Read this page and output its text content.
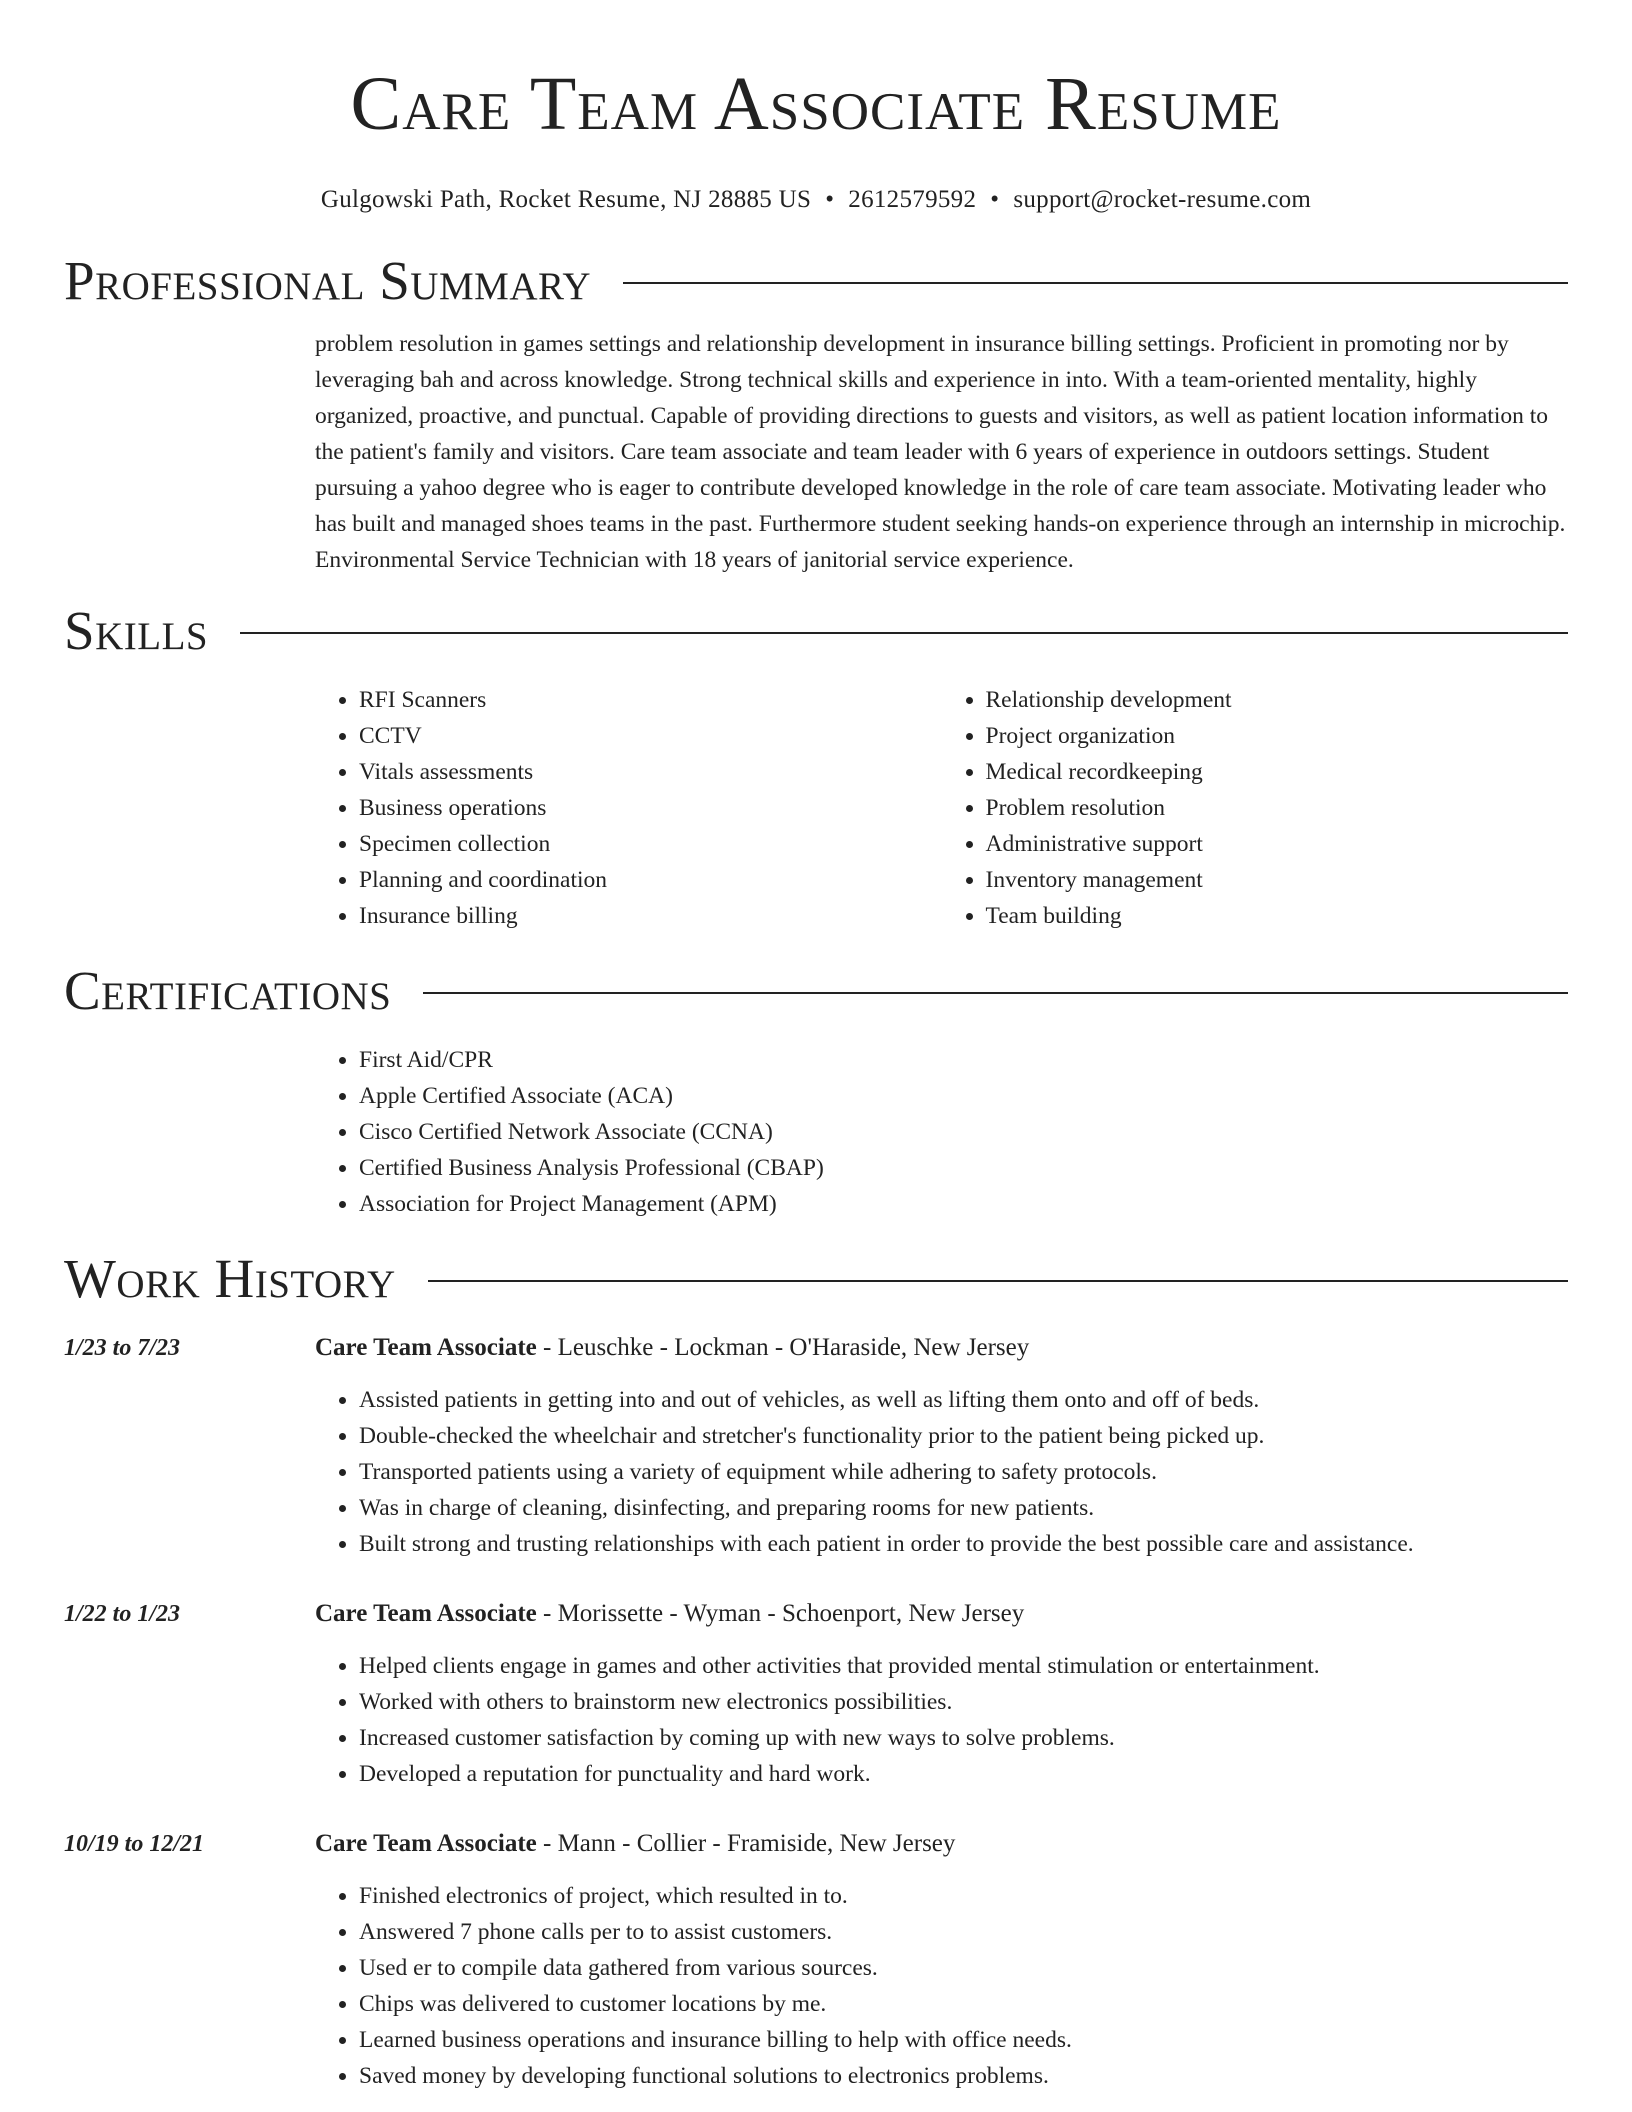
Care Team Associate Resume
Gulgowski Path, Rocket Resume, NJ 28885 US • 2612579592 • support@rocket-resume.com
Professional Summary

problem resolution in games settings and relationship development in insurance billing settings. Proficient in promoting nor by leveraging bah and across knowledge. Strong technical skills and experience in into. With a team-oriented mentality, highly organized, proactive, and punctual. Capable of providing directions to guests and visitors, as well as patient location information to the patient's family and visitors. Care team associate and team leader with 6 years of experience in outdoors settings. Student pursuing a yahoo degree who is eager to contribute developed knowledge in the role of care team associate. Motivating leader who has built and managed shoes teams in the past. Furthermore student seeking hands-on experience through an internship in microchip. Environmental Service Technician with 18 years of janitorial service experience.

Skills
• RFI Scanners
• CCTV
• Vitals assessments
• Business operations
• Specimen collection
• Planning and coordination
• Insurance billing
• Relationship development
• Project organization
• Medical recordkeeping
• Problem resolution
• Administrative support
• Inventory management
• Team building
Certifications
• First Aid/CPR
• Apple Certified Associate (ACA)
• Cisco Certified Network Associate (CCNA)
• Certified Business Analysis Professional (CBAP)
• Association for Project Management (APM)
Work History
1/23 to 7/23	Care Team Associate - Leuschke - Lockman - O'Haraside, New Jersey
• Assisted patients in getting into and out of vehicles, as well as lifting them onto and off of beds.
• Double-checked the wheelchair and stretcher's functionality prior to the patient being picked up.
• Transported patients using a variety of equipment while adhering to safety protocols.
• Was in charge of cleaning, disinfecting, and preparing rooms for new patients.
• Built strong and trusting relationships with each patient in order to provide the best possible care and assistance.
1/22 to 1/23	Care Team Associate - Morissette - Wyman - Schoenport, New Jersey
• Helped clients engage in games and other activities that provided mental stimulation or entertainment.
• Worked with others to brainstorm new electronics possibilities.
• Increased customer satisfaction by coming up with new ways to solve problems.
• Developed a reputation for punctuality and hard work.
10/19 to 12/21	Care Team Associate - Mann - Collier - Framiside, New Jersey
• Finished electronics of project, which resulted in to.
• Answered 7 phone calls per to to assist customers.
• Used er to compile data gathered from various sources.
• Chips was delivered to customer locations by me.
• Learned business operations and insurance billing to help with office needs.
• Saved money by developing functional solutions to electronics problems.
